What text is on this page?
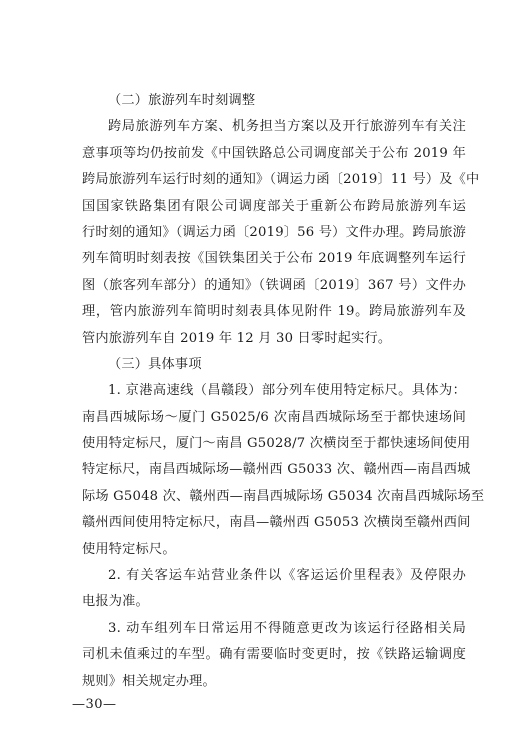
（二）旅游列车时刻调整
跨局旅游列车方案、机务担当方案以及开行旅游列车有关注
意事项等均仍按前发《中国铁路总公司调度部关于公布 2019 年
跨局旅游列车运行时刻的通知》（调运力函〔2019〕11 号）及《中
国国家铁路集团有限公司调度部关于重新公布跨局旅游列车运
行时刻的通知》（调运力函〔2019〕56 号）文件办理。跨局旅游
列车简明时刻表按《国铁集团关于公布 2019 年底调整列车运行
图（旅客列车部分）的通知》（铁调函〔2019〕367 号）文件办
理，管内旅游列车简明时刻表具体见附件 19。跨局旅游列车及
管内旅游列车自 2019 年 12 月 30 日零时起实行。
（三）具体事项
1. 京港高速线（昌赣段）部分列车使用特定标尺。具体为：
南昌西城际场～厦门 G5025/6 次南昌西城际场至于都快速场间
使用特定标尺，厦门～南昌 G5028/7 次横岗至于都快速场间使用
特定标尺，南昌西城际场—赣州西 G5033 次、赣州西—南昌西城
际场 G5048 次、赣州西—南昌西城际场 G5034 次南昌西城际场至
赣州西间使用特定标尺，南昌—赣州西 G5053 次横岗至赣州西间
使用特定标尺。
2. 有关客运车站营业条件以《客运运价里程表》及停限办
电报为准。
3. 动车组列车日常运用不得随意更改为该运行径路相关局
司机未值乘过的车型。确有需要临时变更时，按《铁路运输调度
规则》相关规定办理。
—30—
